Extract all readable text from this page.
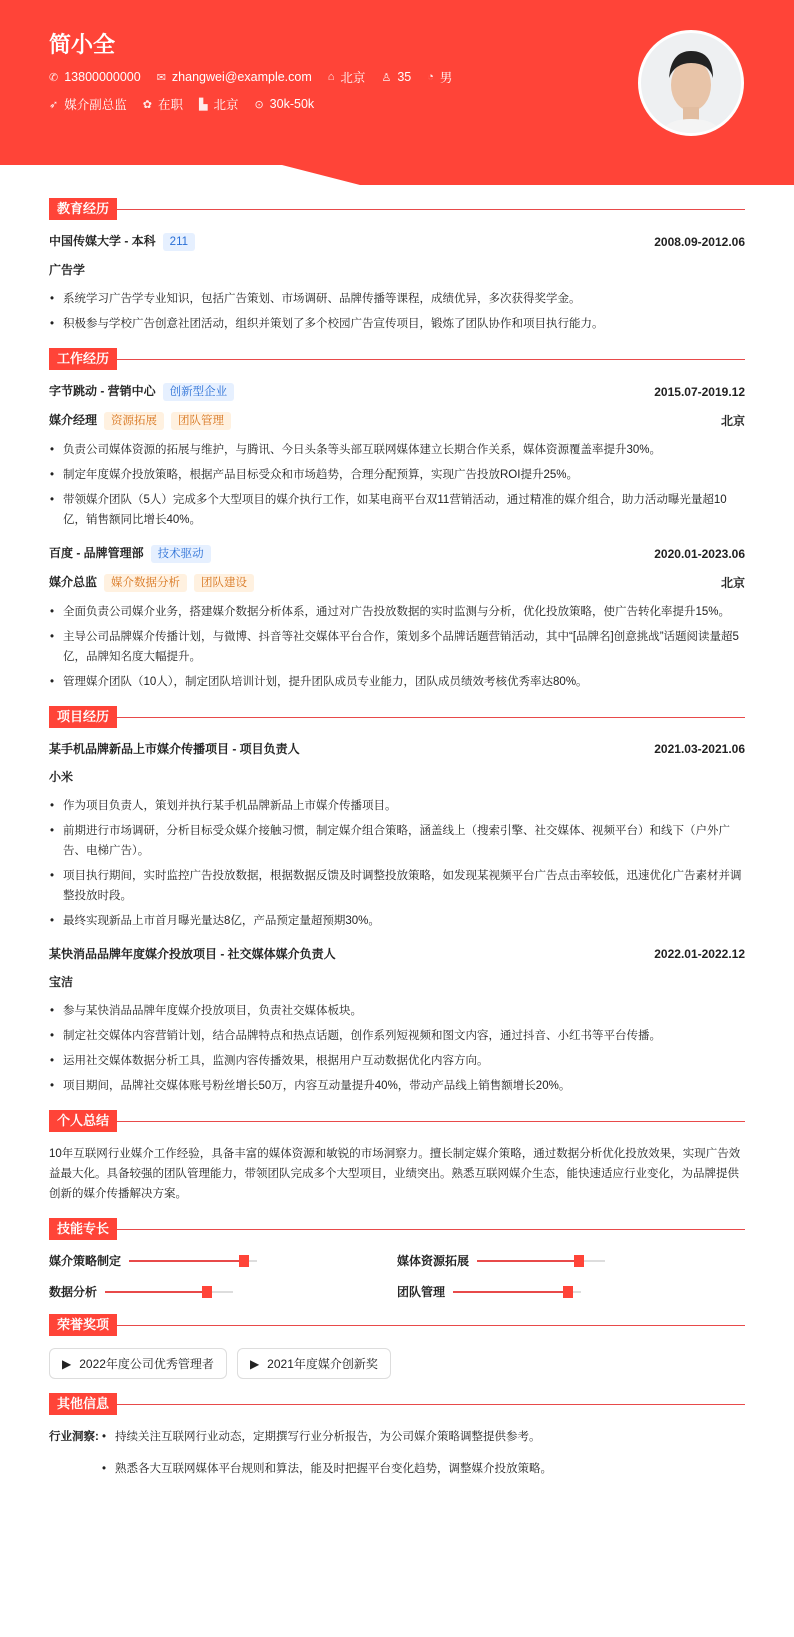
简小全
✆ 13800000000 ✉ zhangwei@example.com ⌂ 北京 ♙ 35 ◔ 男
➶ 媒介副总监 ✿ 在职 ▙ 北京 ⊙ 30k-50k
教育经历
中国传媒大学 - 本科 211	2008.09-2012.06
广告学
• 系统学习广告学专业知识，包括广告策划、市场调研、品牌传播等课程，成绩优异，多次获得奖学金。
• 积极参与学校广告创意社团活动，组织并策划了多个校园广告宣传项目，锻炼了团队协作和项目执行能力。
工作经历
字节跳动 - 营销中心 创新型企业	2015.07-2019.12
媒介经理 资源拓展 团队管理	北京
• 负责公司媒体资源的拓展与维护，与腾讯、今日头条等头部互联网媒体建立长期合作关系，媒体资源覆盖率提升30%。
• 制定年度媒介投放策略，根据产品目标受众和市场趋势，合理分配预算，实现广告投放ROI提升25%。
• 带领媒介团队（5人）完成多个大型项目的媒介执行工作，如某电商平台双11营销活动，通过精准的媒介组合，助力活动曝光量超10亿，销售额同比增长40%。
百度 - 品牌管理部 技术驱动	2020.01-2023.06
媒介总监 媒介数据分析 团队建设	北京
• 全面负责公司媒介业务，搭建媒介数据分析体系，通过对广告投放数据的实时监测与分析，优化投放策略，使广告转化率提升15%。
• 主导公司品牌媒介传播计划，与微博、抖音等社交媒体平台合作，策划多个品牌话题营销活动，其中“[品牌名]创意挑战”话题阅读量超5亿，品牌知名度大幅提升。
• 管理媒介团队（10人），制定团队培训计划，提升团队成员专业能力，团队成员绩效考核优秀率达80%。
项目经历
某手机品牌新品上市媒介传播项目 - 项目负责人	2021.03-2021.06
小米
• 作为项目负责人，策划并执行某手机品牌新品上市媒介传播项目。
• 前期进行市场调研，分析目标受众媒介接触习惯，制定媒介组合策略，涵盖线上（搜索引擎、社交媒体、视频平台）和线下（户外广告、电梯广告）。
• 项目执行期间，实时监控广告投放数据，根据数据反馈及时调整投放策略，如发现某视频平台广告点击率较低，迅速优化广告素材并调整投放时段。
• 最终实现新品上市首月曝光量达8亿，产品预定量超预期30%。
某快消品品牌年度媒介投放项目 - 社交媒体媒介负责人	2022.01-2022.12
宝洁
• 参与某快消品品牌年度媒介投放项目，负责社交媒体板块。
• 制定社交媒体内容营销计划，结合品牌特点和热点话题，创作系列短视频和图文内容，通过抖音、小红书等平台传播。
• 运用社交媒体数据分析工具，监测内容传播效果，根据用户互动数据优化内容方向。
• 项目期间，品牌社交媒体账号粉丝增长50万，内容互动量提升40%，带动产品线上销售额增长20%。
个人总结

10年互联网行业媒介工作经验，具备丰富的媒体资源和敏锐的市场洞察力。擅长制定媒介策略，通过数据分析优化投放效果，实现广告效益最大化。具备较强的团队管理能力，带领团队完成多个大型项目，业绩突出。熟悉互联网媒介生态，能快速适应行业变化，为品牌提供创新的媒介传播解决方案。

技能专长
媒介策略制定	媒体资源拓展
数据分析	团队管理
荣誉奖项
▶ 2022年度公司优秀管理者	▶ 2021年度媒介创新奖
其他信息
行业洞察:	• 持续关注互联网行业动态，定期撰写行业分析报告，为公司媒介策略调整提供参考。
• 熟悉各大互联网媒体平台规则和算法，能及时把握平台变化趋势，调整媒介投放策略。
